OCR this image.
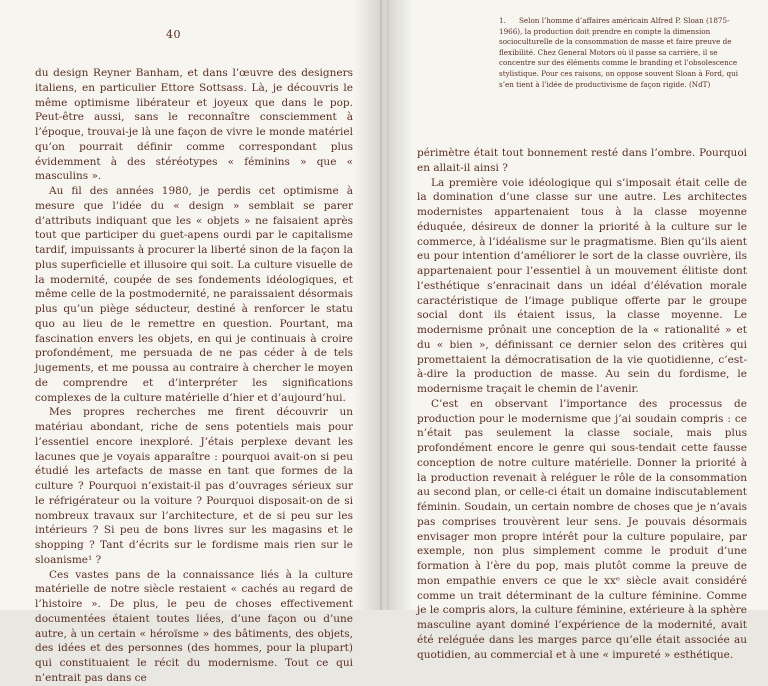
40

du design Reyner Banham, et dans l’œuvre des designers italiens, en particulier Ettore Sottsass. Là, je découvris le même optimisme libérateur et joyeux que dans le pop. Peut-être aussi, sans le reconnaître consciemment à l’époque, trouvai-je là une façon de vivre le monde matériel qu’on pourrait définir comme correspondant plus évidemment à des stéréotypes « féminins » que « masculins ».

Au fil des années 1980, je perdis cet optimisme à mesure que l’idée du « design » semblait se parer d’attributs indiquant que les « objets » ne faisaient après tout que participer du guet-apens ourdi par le capitalisme tardif, impuissants à procurer la liberté sinon de la façon la plus superficielle et illusoire qui soit. La culture visuelle de la modernité, coupée de ses fondements idéologiques, et même celle de la postmodernité, ne paraissaient désormais plus qu’un piège séducteur, destiné à renforcer le statu quo au lieu de le remettre en question. Pourtant, ma fascination envers les objets, en qui je continuais à croire profondément, me persuada de ne pas céder à de tels jugements, et me poussa au contraire à chercher le moyen de comprendre et d’interpréter les significations complexes de la culture matérielle d’hier et d’aujourd’hui.

Mes propres recherches me firent découvrir un matériau abondant, riche de sens potentiels mais pour l’essentiel encore inexploré. J’étais perplexe devant les lacunes que je voyais apparaître : pourquoi avait-on si peu étudié les artefacts de masse en tant que formes de la culture ? Pourquoi n’existait-il pas d’ouvrages sérieux sur le réfrigérateur ou la voiture ? Pourquoi disposait-on de si nombreux travaux sur l’architecture, et de si peu sur les intérieurs ? Si peu de bons livres sur les magasins et le shopping ? Tant d’écrits sur le fordisme mais rien sur le sloanisme¹ ?

Ces vastes pans de la connaissance liés à la culture matérielle de notre siècle restaient « cachés au regard de l’histoire ». De plus, le peu de choses effectivement documentées étaient toutes liées, d’une façon ou d’une autre, à un certain « héroïsme » des bâtiments, des objets, des idées et des personnes (des hommes, pour la plupart) qui constituaient le récit du modernisme. Tout ce qui n’entrait pas dans ce

1. Selon l’homme d’affaires américain Alfred P. Sloan (1875-1966), la production doit prendre en compte la dimension socioculturelle de la consommation de masse et faire preuve de flexibilité. Chez General Motors où il passe sa carrière, il se concentre sur des éléments comme le branding et l’obsolescence stylistique. Pour ces raisons, on oppose souvent Sloan à Ford, qui s’en tient à l’idée de productivisme de façon rigide. (NdT)

périmètre était tout bonnement resté dans l’ombre. Pourquoi en allait-il ainsi ?

La première voie idéologique qui s’imposait était celle de la domination d’une classe sur une autre. Les architectes modernistes appartenaient tous à la classe moyenne éduquée, désireux de donner la priorité à la culture sur le commerce, à l’idéalisme sur le pragmatisme. Bien qu’ils aient eu pour intention d’améliorer le sort de la classe ouvrière, ils appartenaient pour l’essentiel à un mouvement élitiste dont l’esthétique s’enracinait dans un idéal d’élévation morale caractéristique de l’image publique offerte par le groupe social dont ils étaient issus, la classe moyenne. Le modernisme prônait une conception de la « rationalité » et du « bien », définissant ce dernier selon des critères qui promettaient la démocratisation de la vie quotidienne, c’est-à-dire la production de masse. Au sein du fordisme, le modernisme traçait le chemin de l’avenir.

C’est en observant l’importance des processus de production pour le modernisme que j’ai soudain compris : ce n’était pas seulement la classe sociale, mais plus profondément encore le genre qui sous-tendait cette fausse conception de notre culture matérielle. Donner la priorité à la production revenait à reléguer le rôle de la consommation au second plan, or celle-ci était un domaine indiscutablement féminin. Soudain, un certain nombre de choses que je n’avais pas comprises trouvèrent leur sens. Je pouvais désormais envisager mon propre intérêt pour la culture populaire, par exemple, non plus simplement comme le produit d’une formation à l’ère du pop, mais plutôt comme la preuve de mon empathie envers ce que le xxᵉ siècle avait considéré comme un trait déterminant de la culture féminine. Comme je le compris alors, la culture féminine, extérieure à la sphère masculine ayant dominé l’expérience de la modernité, avait été reléguée dans les marges parce qu’elle était associée au quotidien, au commercial et à une « impureté » esthétique.
